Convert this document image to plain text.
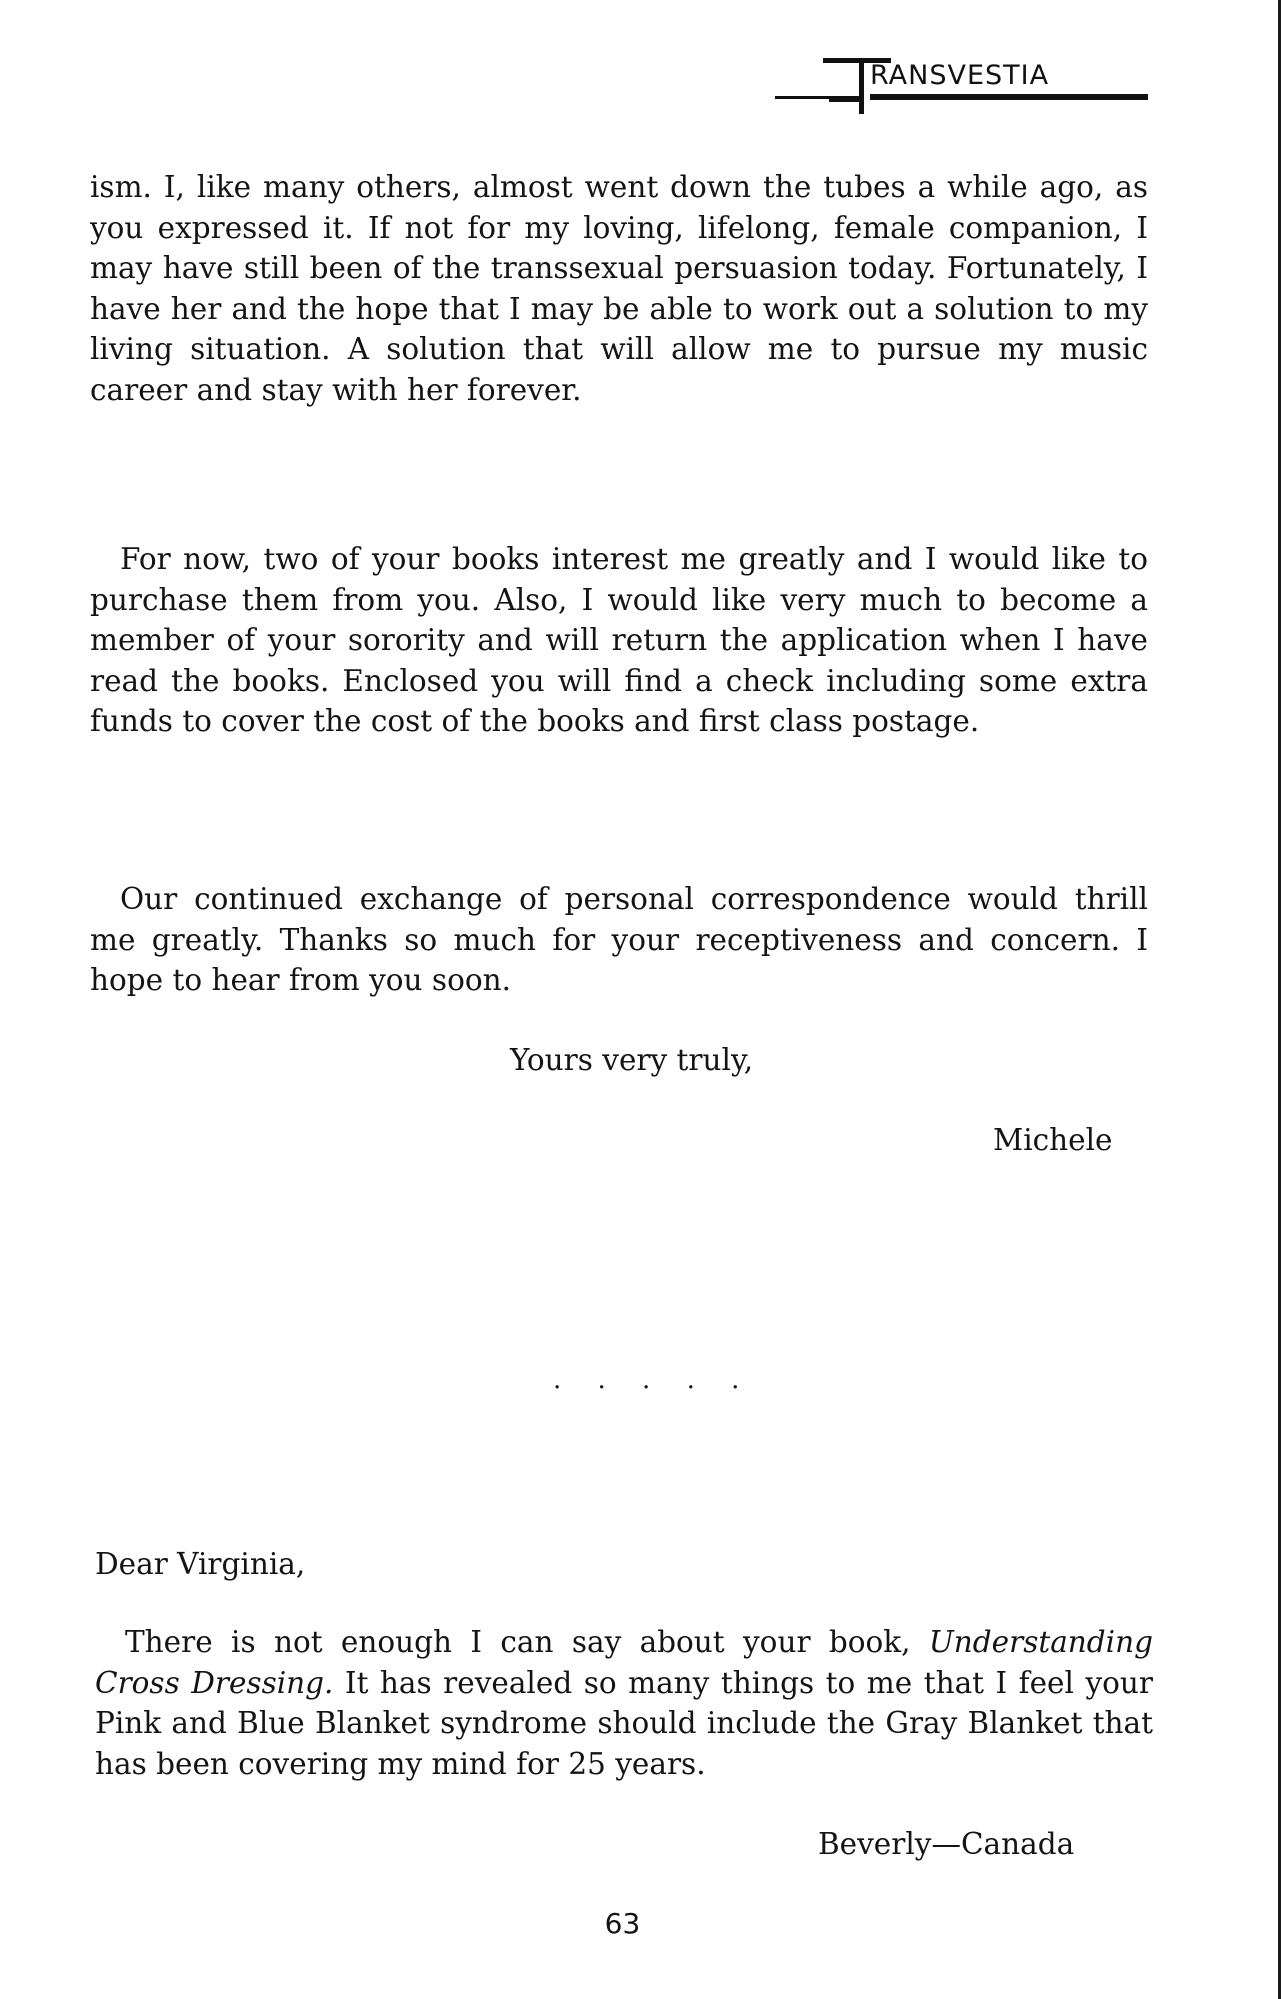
RANSVESTIA

ism. I, like many others, almost went down the tubes a while ago, as you expressed it. If not for my loving, lifelong, female companion, I may have still been of the transsexual persuasion today. Fortunately, I have her and the hope that I may be able to work out a solution to my living situation. A solution that will allow me to pursue my music career and stay with her forever.

For now, two of your books interest me greatly and I would like to purchase them from you. Also, I would like very much to become a member of your sorority and will return the application when I have read the books. Enclosed you will find a check including some extra funds to cover the cost of the books and first class postage.

Our continued exchange of personal correspondence would thrill me greatly. Thanks so much for your receptiveness and concern. I hope to hear from you soon.

Yours very truly,

Michele

. . . . .

Dear Virginia,

There is not enough I can say about your book, Understanding Cross Dressing. It has revealed so many things to me that I feel your Pink and Blue Blanket syndrome should include the Gray Blanket that has been covering my mind for 25 years.

Beverly—Canada

63
